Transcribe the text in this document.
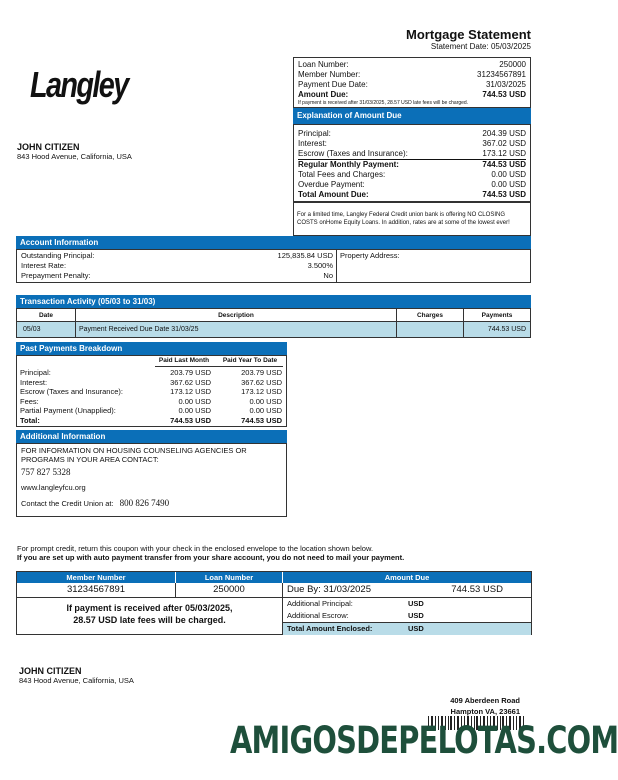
Mortgage Statement
Statement Date: 05/03/2025
Langley
JOHN CITIZEN
843 Hood Avenue, California, USA
Loan Number:	250000
Member Number:	31234567891
Payment Due Date:	31/03/2025
Amount Due:	744.53 USD
If payment is received after 31/03/2025, 28.57 USD late fees will be charged.
Explanation of Amount Due
Principal:	204.39 USD
Interest:	367.02 USD
Escrow (Taxes and Insurance):	173.12 USD
Regular Monthly Payment:	744.53 USD
Total Fees and Charges:	0.00 USD
Overdue Payment:	0.00 USD
Total Amount Due:	744.53 USD
For a limited time, Langley Federal Credit union bank is offering NO CLOSING COSTS onHome Equity Loans. In addition, rates are at some of the lowest ever!
Account Information
Outstanding Principal:	125,835.84 USD
Interest Rate:	3.500%
Prepayment Penalty:	No
Property Address:
Transaction Activity (05/03 to 31/03)
Date	Description	Charges	Payments
05/03	Payment Received Due Date 31/03/25		744.53 USD
Past Payments Breakdown
Paid Last Month	Paid Year To Date
Principal:	203.79 USD	203.79 USD
Interest:	367.62 USD	367.62 USD
Escrow (Taxes and Insurance):	173.12 USD	173.12 USD
Fees:	0.00 USD	0.00 USD
Partial Payment (Unapplied):	0.00 USD	0.00 USD
Total:	744.53 USD	744.53 USD
Additional Information
FOR INFORMATION ON HOUSING COUNSELING AGENCIES OR PROGRAMS IN YOUR AREA CONTACT:
757 827 5328
www.langleyfcu.org
Contact the Credit Union at: 800 826 7490
For prompt credit, return this coupon with your check in the enclosed envelope to the location shown below.
If you are set up with auto payment transfer from your share account, you do not need to mail your payment.
Member Number	Loan Number	Amount Due
31234567891	250000	Due By: 31/03/2025	744.53 USD
If payment is received after 05/03/2025,
28.57 USD late fees will be charged.
Additional Principal:	USD
Additional Escrow:	USD
Total Amount Enclosed:	USD
JOHN CITIZEN
843 Hood Avenue, California, USA
409 Aberdeen Road
Hampton VA, 23661
AMIGOSDEPELOTAS.COM
